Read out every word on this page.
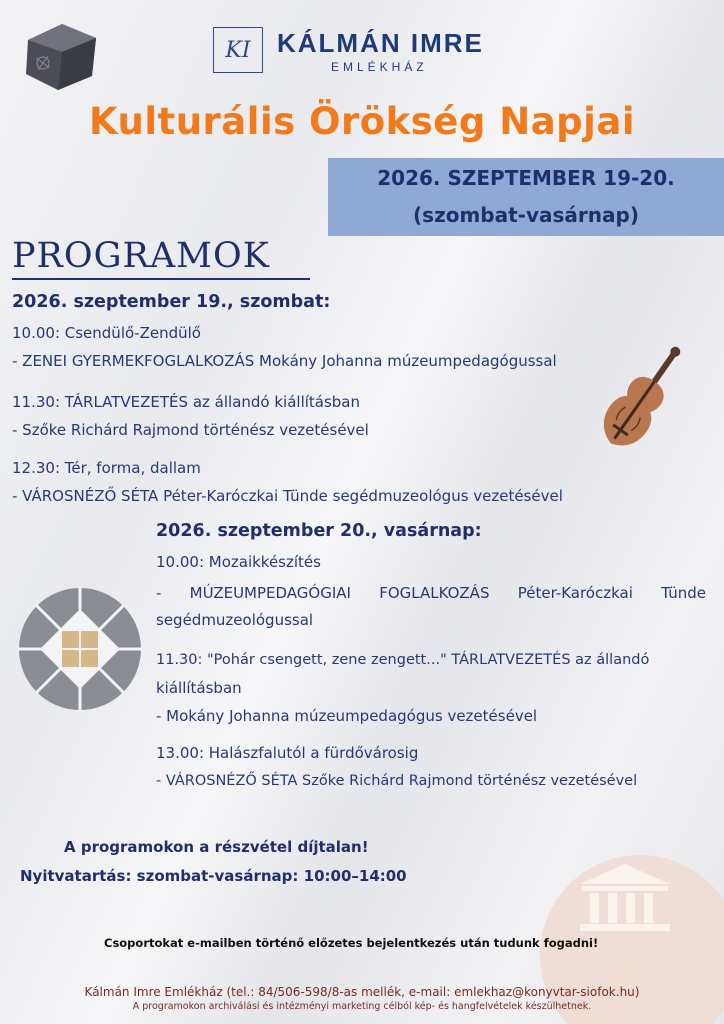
KI KÁLMÁN IMRE
EMLÉKHÁZ
Kulturális Örökség Napjai
2026. SZEPTEMBER 19-20.
(szombat-vasárnap)
PROGRAMOK
2026. szeptember 19., szombat:
10.00: Csendülő-Zendülő
- ZENEI GYERMEKFOGLALKOZÁS Mokány Johanna múzeumpedagógussal
11.30: TÁRLATVEZETÉS az állandó kiállításban
- Szőke Richárd Rajmond történész vezetésével
12.30: Tér, forma, dallam
- VÁROSNÉZŐ SÉTA Péter-Karóczkai Tünde segédmuzeológus vezetésével
2026. szeptember 20., vasárnap:
10.00: Mozaikkészítés
- MÚZEUMPEDAGÓGIAI FOGLALKOZÁS Péter-Karóczkai Tünde
segédmuzeológussal
11.30: "Pohár csengett, zene zengett..." TÁRLATVEZETÉS az állandó
kiállításban
- Mokány Johanna múzeumpedagógus vezetésével
13.00: Halászfalutól a fürdővárosig
- VÁROSNÉZŐ SÉTA Szőke Richárd Rajmond történész vezetésével
A programokon a részvétel díjtalan!
Nyitvatartás: szombat-vasárnap: 10:00–14:00
Csoportokat e-mailben történő előzetes bejelentkezés után tudunk fogadni!
Kálmán Imre Emlékház (tel.: 84/506-598/8-as mellék, e-mail: emlekhaz@konyvtar-siofok.hu)
A programokon archiválási és intézményi marketing célból kép- és hangfelvételek készülhetnek.
